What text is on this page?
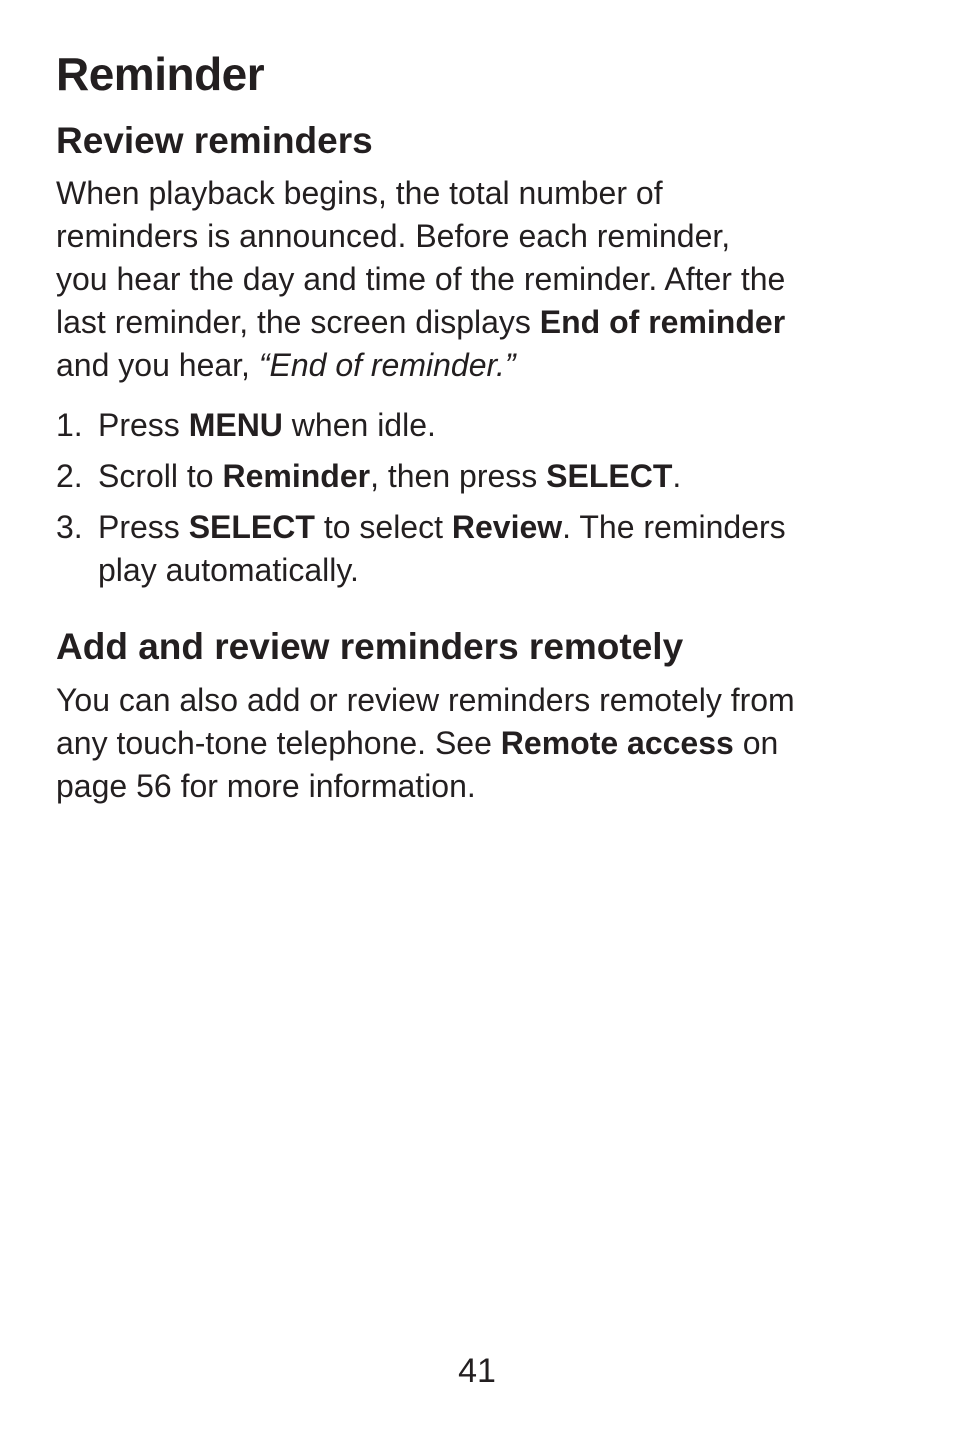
Reminder
Review reminders
When playback begins, the total number of
reminders is announced. Before each reminder,
you hear the day and time of the reminder. After the
last reminder, the screen displays End of reminder
and you hear, “End of reminder.”
1. Press MENU when idle.
2. Scroll to Reminder, then press SELECT.
3. Press SELECT to select Review. The reminders
play automatically.
Add and review reminders remotely
You can also add or review reminders remotely from
any touch-tone telephone. See Remote access on
page 56 for more information.
41
